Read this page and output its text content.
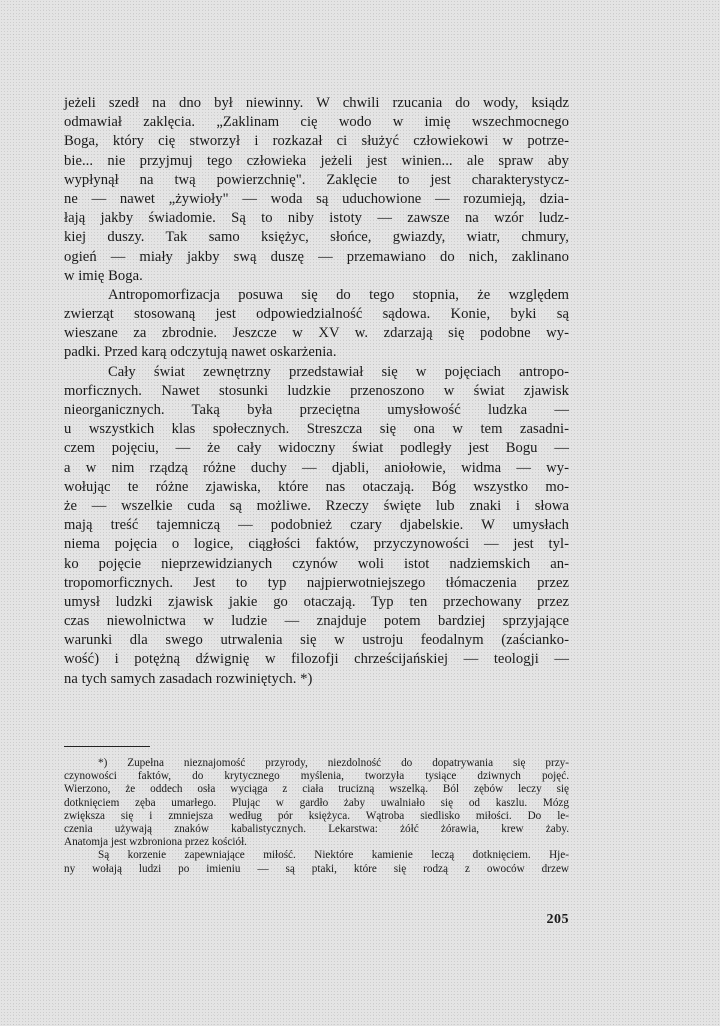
jeżeli szedł na dno był niewinny. W chwili rzucania do wody, ksiądz
odmawiał zaklęcia. „Zaklinam cię wodo w imię wszechmocnego
Boga, który cię stworzył i rozkazał ci służyć człowiekowi w potrze-
bie... nie przyjmuj tego człowieka jeżeli jest winien... ale spraw aby
wypłynął na twą powierzchnię". Zaklęcie to jest charakterystycz-
ne — nawet „żywioły" — woda są uduchowione — rozumieją, dzia-
łają jakby świadomie. Są to niby istoty — zawsze na wzór ludz-
kiej duszy. Tak samo księżyc, słońce, gwiazdy, wiatr, chmury,
ogień — miały jakby swą duszę — przemawiano do nich, zaklinano
w imię Boga.
Antropomorfizacja posuwa się do tego stopnia, że względem
zwierząt stosowaną jest odpowiedzialność sądowa. Konie, byki są
wieszane za zbrodnie. Jeszcze w XV w. zdarzają się podobne wy-
padki. Przed karą odczytują nawet oskarżenia.
Cały świat zewnętrzny przedstawiał się w pojęciach antropo-
morficznych. Nawet stosunki ludzkie przenoszono w świat zjawisk
nieorganicznych. Taką była przeciętna umysłowość ludzka —
u wszystkich klas społecznych. Streszcza się ona w tem zasadni-
czem pojęciu, — że cały widoczny świat podległy jest Bogu —
a w nim rządzą różne duchy — djabli, aniołowie, widma — wy-
wołując te różne zjawiska, które nas otaczają. Bóg wszystko mo-
że — wszelkie cuda są możliwe. Rzeczy święte lub znaki i słowa
mają treść tajemniczą — podobnież czary djabelskie. W umysłach
niema pojęcia o logice, ciągłości faktów, przyczynowości — jest tyl-
ko pojęcie nieprzewidzianych czynów woli istot nadziemskich an-
tropomorficznych. Jest to typ najpierwotniejszego tłómaczenia przez
umysł ludzki zjawisk jakie go otaczają. Typ ten przechowany przez
czas niewolnictwa w ludzie — znajduje potem bardziej sprzyjające
warunki dla swego utrwalenia się w ustroju feodalnym (zaścianko-
wość) i potężną dźwignię w filozofji chrześcijańskiej — teologji —
na tych samych zasadach rozwiniętych. *)
*) Zupełna nieznajomość przyrody, niezdolność do dopatrywania się przy-
czynowości faktów, do krytycznego myślenia, tworzyła tysiące dziwnych pojęć.
Wierzono, że oddech osła wyciąga z ciała trucizną wszelką. Ból zębów leczy się
dotknięciem zęba umarłego. Plując w gardło żaby uwalniało się od kaszlu. Mózg
zwiększa się i zmniejsza według pór księżyca. Wątroba siedlisko miłości. Do le-
czenia używają znaków kabalistycznych. Lekarstwa: żółć żórawia, krew żaby.
Anatomja jest wzbroniona przez kościół.
Są korzenie zapewniające miłość. Niektóre kamienie leczą dotknięciem. Hje-
ny wołają ludzi po imieniu — są ptaki, które się rodzą z owoców drzew
205
